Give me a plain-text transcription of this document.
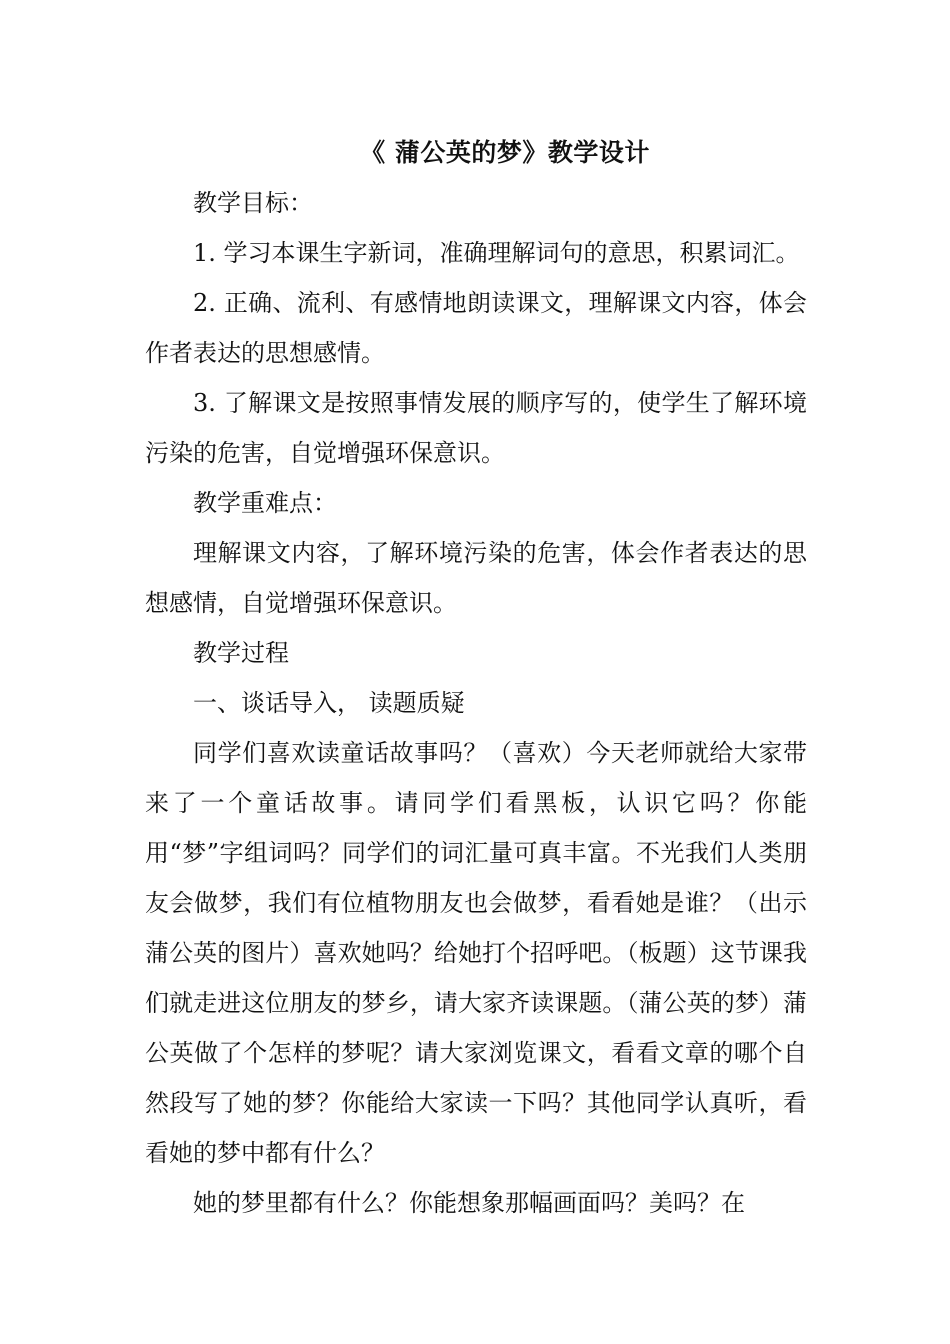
《 蒲公英的梦》教学设计

教学目标：

1. 学习本课生字新词，准确理解词句的意思，积累词汇。

2. 正确、流利、有感情地朗读课文，理解课文内容，体会作者表达的思想感情。

3. 了解课文是按照事情发展的顺序写的，使学生了解环境污染的危害，自觉增强环保意识。

教学重难点：

理解课文内容，了解环境污染的危害，体会作者表达的思想感情，自觉增强环保意识。

教学过程

一、谈话导入， 读题质疑

同学们喜欢读童话故事吗？（喜欢）今天老师就给大家带来了一个童话故事。请同学们看黑板，认识它吗？你能用“梦”字组词吗？同学们的词汇量可真丰富。不光我们人类朋友会做梦，我们有位植物朋友也会做梦，看看她是谁？（出示蒲公英的图片）喜欢她吗？给她打个招呼吧。（板题）这节课我们就走进这位朋友的梦乡，请大家齐读课题。（蒲公英的梦）蒲公英做了个怎样的梦呢？请大家浏览课文，看看文章的哪个自然段写了她的梦？你能给大家读一下吗？其他同学认真听，看看她的梦中都有什么？

她的梦里都有什么？你能想象那幅画面吗？美吗？在
